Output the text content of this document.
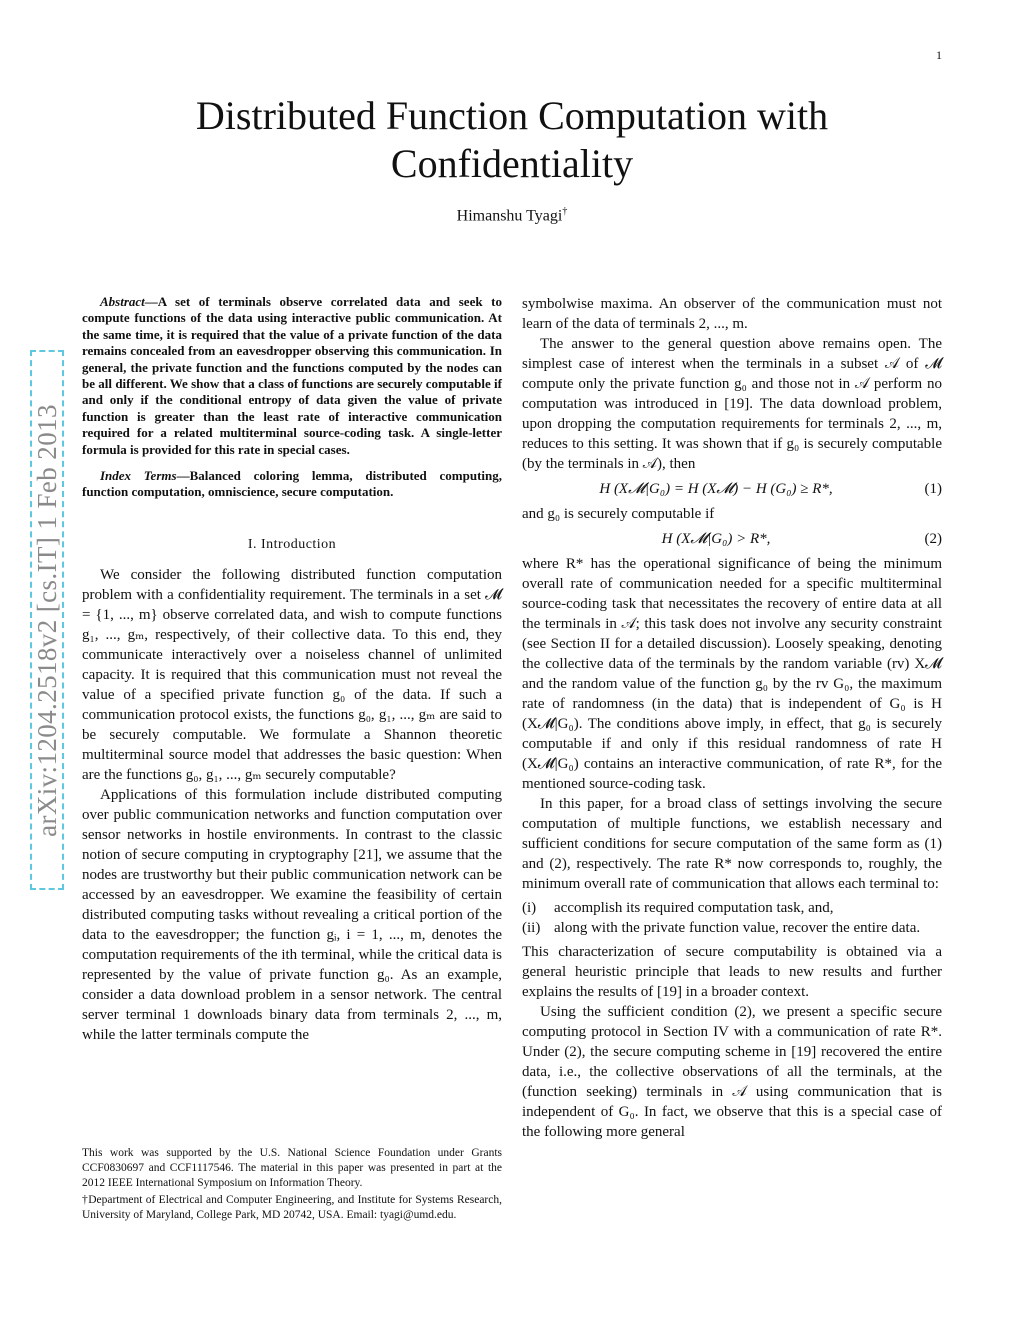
1
arXiv:1204.2518v2 [cs.IT] 1 Feb 2013
Distributed Function Computation with Confidentiality
Himanshu Tyagi†

Abstract—A set of terminals observe correlated data and seek to compute functions of the data using interactive public communication. At the same time, it is required that the value of a private function of the data remains concealed from an eavesdropper observing this communication. In general, the private function and the functions computed by the nodes can be all different. We show that a class of functions are securely computable if and only if the conditional entropy of data given the value of private function is greater than the least rate of interactive communication required for a related multiterminal source-coding task. A single-letter formula is provided for this rate in special cases.

Index Terms—Balanced coloring lemma, distributed computing, function computation, omniscience, secure computation.

I. Introduction

We consider the following distributed function computation problem with a confidentiality requirement. The terminals in a set 𝓜 = {1, ..., m} observe correlated data, and wish to compute functions g₁, ..., gₘ, respectively, of their collective data. To this end, they communicate interactively over a noiseless channel of unlimited capacity. It is required that this communication must not reveal the value of a specified private function g₀ of the data. If such a communication protocol exists, the functions g₀, g₁, ..., gₘ are said to be securely computable. We formulate a Shannon theoretic multiterminal source model that addresses the basic question: When are the functions g₀, g₁, ..., gₘ securely computable?

Applications of this formulation include distributed computing over public communication networks and function computation over sensor networks in hostile environments. In contrast to the classic notion of secure computing in cryptography [21], we assume that the nodes are trustworthy but their public communication network can be accessed by an eavesdropper. We examine the feasibility of certain distributed computing tasks without revealing a critical portion of the data to the eavesdropper; the function gᵢ, i = 1, ..., m, denotes the computation requirements of the ith terminal, while the critical data is represented by the value of private function g₀. As an example, consider a data download problem in a sensor network. The central server terminal 1 downloads binary data from terminals 2, ..., m, while the latter terminals compute the

This work was supported by the U.S. National Science Foundation under Grants CCF0830697 and CCF1117546. The material in this paper was presented in part at the 2012 IEEE International Symposium on Information Theory.

†Department of Electrical and Computer Engineering, and Institute for Systems Research, University of Maryland, College Park, MD 20742, USA. Email: tyagi@umd.edu.

symbolwise maxima. An observer of the communication must not learn of the data of terminals 2, ..., m.

The answer to the general question above remains open. The simplest case of interest when the terminals in a subset 𝒜 of 𝓜 compute only the private function g₀ and those not in 𝒜 perform no computation was introduced in [19]. The data download problem, upon dropping the computation requirements for terminals 2, ..., m, reduces to this setting. It was shown that if g₀ is securely computable (by the terminals in 𝒜), then

H (X𝓜|G₀) = H (X𝓜) − H (G₀) ≥ R*,	(1)

and g₀ is securely computable if

H (X𝓜|G₀) > R*,	(2)

where R* has the operational significance of being the minimum overall rate of communication needed for a specific multiterminal source-coding task that necessitates the recovery of entire data at all the terminals in 𝒜; this task does not involve any security constraint (see Section II for a detailed discussion). Loosely speaking, denoting the collective data of the terminals by the random variable (rv) X𝓜 and the random value of the function g₀ by the rv G₀, the maximum rate of randomness (in the data) that is independent of G₀ is H (X𝓜|G₀). The conditions above imply, in effect, that g₀ is securely computable if and only if this residual randomness of rate H (X𝓜|G₀) contains an interactive communication, of rate R*, for the mentioned source-coding task.

In this paper, for a broad class of settings involving the secure computation of multiple functions, we establish necessary and sufficient conditions for secure computation of the same form as (1) and (2), respectively. The rate R* now corresponds to, roughly, the minimum overall rate of communication that allows each terminal to:

(i)	accomplish its required computation task, and,
(ii) along with the private function value, recover the entire data.

This characterization of secure computability is obtained via a general heuristic principle that leads to new results and further explains the results of [19] in a broader context.

Using the sufficient condition (2), we present a specific secure computing protocol in Section IV with a communication of rate R*. Under (2), the secure computing scheme in [19] recovered the entire data, i.e., the collective observations of all the terminals, at the (function seeking) terminals in 𝒜 using communication that is independent of G₀. In fact, we observe that this is a special case of the following more general
